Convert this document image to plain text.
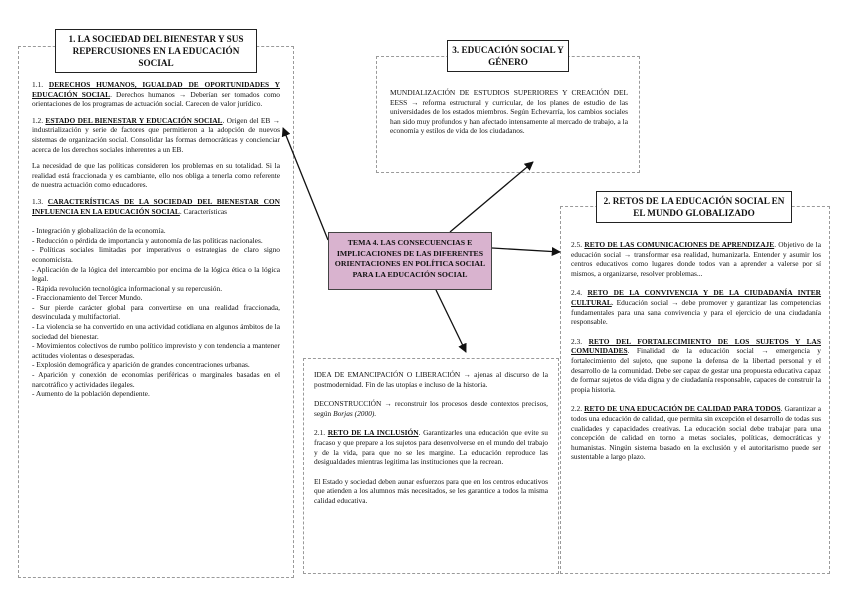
TEMA 4. LAS CONSECUENCIAS E IMPLICACIONES DE LAS DIFERENTES ORIENTACIONES EN POLÍTICA SOCIAL PARA LA EDUCACIÓN SOCIAL
1. LA SOCIEDAD DEL BIENESTAR Y SUS REPERCUSIONES EN LA EDUCACIÓN SOCIAL
3. EDUCACIÓN SOCIAL Y GÉNERO
2. RETOS DE LA EDUCACIÓN SOCIAL EN EL MUNDO GLOBALIZADO

1.1. DERECHOS HUMANOS, IGUALDAD DE OPORTUNIDADES Y EDUCACIÓN SOCIAL. Derechos humanos → Deberían ser tomados como orientaciones de los programas de actuación social. Carecen de valor jurídico.

1.2. ESTADO DEL BIENESTAR Y EDUCACIÓN SOCIAL. Origen del EB → industrialización y serie de factores que permitieron a la adopción de nuevos sistemas de organización social. Consolidar las formas democráticas y concienciar acerca de los derechos sociales inherentes a un EB.

La necesidad de que las políticas consideren los problemas en su totalidad. Si la realidad está fraccionada y es cambiante, ello nos obliga a tenerla como referente de nuestra actuación como educadores.

1.3. CARACTERÍSTICAS DE LA SOCIEDAD DEL BIENESTAR CON INFLUENCIA EN LA EDUCACIÓN SOCIAL. Características

- Integración y globalización de la economía.
- Reducción o pérdida de importancia y autonomía de las políticas nacionales.
- Políticas sociales limitadas por imperativos o estrategias de claro signo economicista.
- Aplicación de la lógica del intercambio por encima de la lógica ética o la lógica legal.
- Rápida revolución tecnológica informacional y su repercusión.
- Fraccionamiento del Tercer Mundo.
- Sur pierde carácter global para convertirse en una realidad fraccionada, desvinculada y multifactorial.
- La violencia se ha convertido en una actividad cotidiana en algunos ámbitos de la sociedad del bienestar.
- Movimientos colectivos de rumbo político imprevisto y con tendencia a mantener actitudes violentas o desesperadas.
- Explosión demográfica y aparición de grandes concentraciones urbanas.
- Aparición y conexión de economías periféricas o marginales basadas en el narcotráfico y actividades ilegales.
- Aumento de la población dependiente.

MUNDIALIZACIÓN DE ESTUDIOS SUPERIORES Y CREACIÓN DEL EESS → reforma estructural y curricular, de los planes de estudio de las universidades de los estados miembros. Según Echevarría, los cambios sociales han sido muy profundos y han afectado intensamente al mercado de trabajo, a la economía y estilos de vida de los ciudadanos.

2.5. RETO DE LAS COMUNICACIONES DE APRENDIZAJE. Objetivo de la educación social → transformar esa realidad, humanizarla. Entender y asumir los centros educativos como lugares donde todos van a aprender a valerse por sí mismos, a organizarse, resolver problemas...

2.4. RETO DE LA CONVIVENCIA Y DE LA CIUDADANÍA INTER CULTURAL. Educación social → debe promover y garantizar las competencias fundamentales para una sana convivencia y para el ejercicio de una ciudadanía responsable.

2.3. RETO DEL FORTALECIMIENTO DE LOS SUJETOS Y LAS COMUNIDADES. Finalidad de la educación social → emergencia y fortalecimiento del sujeto, que supone la defensa de la libertad personal y el desarrollo de la comunidad. Debe ser capaz de gestar una propuesta educativa capaz de formar sujetos de vida digna y de ciudadanía responsable, capaces de construir la propia historia.

2.2. RETO DE UNA EDUCACIÓN DE CALIDAD PARA TODOS. Garantizar a todos una educación de calidad, que permita sin excepción el desarrollo de todas sus cualidades y capacidades creativas. La educación social debe trabajar para una concepción de calidad en torno a metas sociales, políticas, democráticas y humanistas. Ningún sistema basado en la exclusión y el autoritarismo puede ser sustentable a largo plazo.

IDEA DE EMANCIPACIÓN O LIBERACIÓN → ajenas al discurso de la postmodernidad. Fin de las utopías e incluso de la historia.

DECONSTRUCCIÓN → reconstruir los procesos desde contextos precisos, según Borjas (2000).

2.1. RETO DE LA INCLUSIÓN. Garantizarles una educación que evite su fracaso y que prepare a los sujetos para desenvolverse en el mundo del trabajo y de la vida, para que no se les margine. La educación reproduce las desigualdades mientras legitima las instituciones que la recrean.

El Estado y sociedad deben aunar esfuerzos para que en los centros educativos que atienden a los alumnos más necesitados, se les garantice a todos la misma calidad educativa.
